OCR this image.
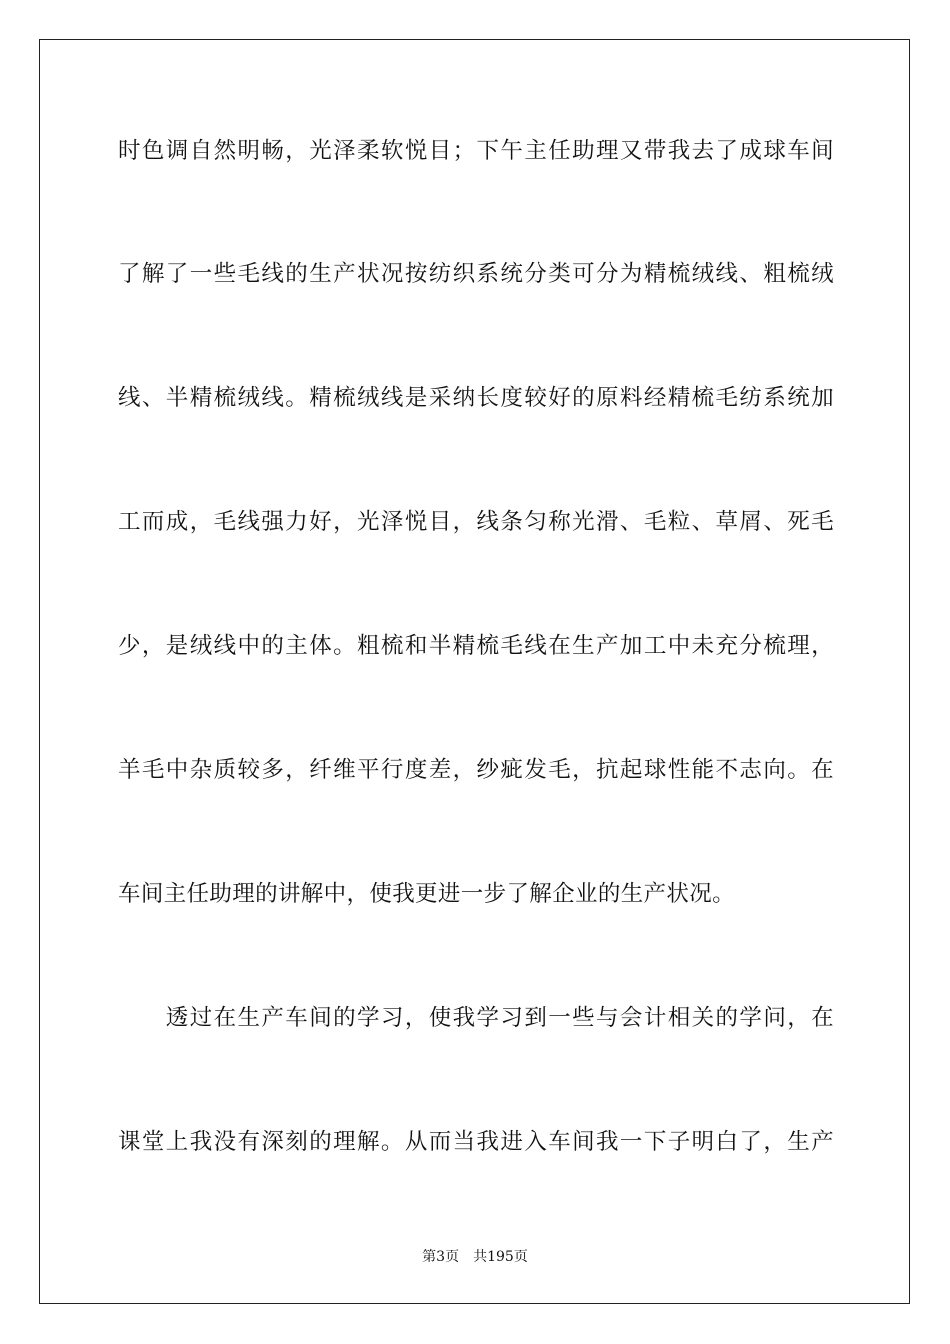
时色调自然明畅，光泽柔软悦目；下午主任助理又带我去了成球车间
了解了一些毛线的生产状况按纺织系统分类可分为精梳绒线、粗梳绒
线、半精梳绒线。精梳绒线是采纳长度较好的原料经精梳毛纺系统加
工而成，毛线强力好，光泽悦目，线条匀称光滑、毛粒、草屑、死毛
少，是绒线中的主体。粗梳和半精梳毛线在生产加工中未充分梳理，
羊毛中杂质较多，纤维平行度差，纱疵发毛，抗起球性能不志向。在
车间主任助理的讲解中，使我更进一步了解企业的生产状况。
　　透过在生产车间的学习，使我学习到一些与会计相关的学问，在
课堂上我没有深刻的理解。从而当我进入车间我一下子明白了，生产
第3页 共195页
